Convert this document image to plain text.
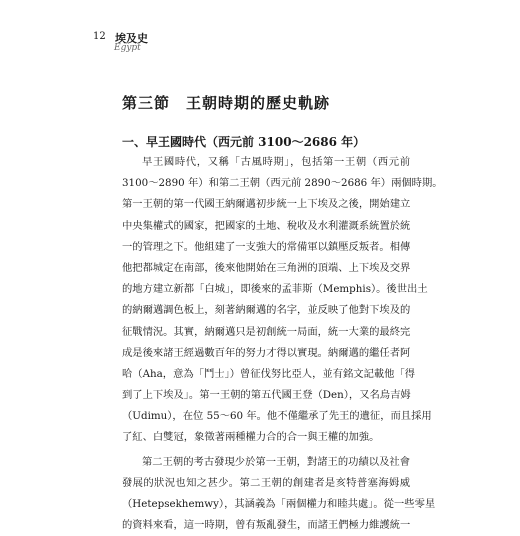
12 埃及史
Egypt
第三節　王朝時期的歷史軌跡
一、早王國時代（西元前 3100～2686 年）
早王國時代，又稱「古風時期」，包括第一王朝（西元前
3100～2890 年）和第二王朝（西元前 2890～2686 年）兩個時期。
第一王朝的第一代國王納爾邁初步統一上下埃及之後，開始建立
中央集權式的國家，把國家的土地、稅收及水利灌溉系統置於統
一的管理之下。他組建了一支強大的常備軍以鎮壓反叛者。相傳
他把都城定在南部，後來他開始在三角洲的頂端、上下埃及交界
的地方建立新都「白城」，即後來的孟菲斯（Memphis）。後世出土
的納爾邁調色板上，刻著納爾邁的名字，並反映了他對下埃及的
征戰情況。其實，納爾邁只是初創統一局面，統一大業的最終完
成是後來諸王經過數百年的努力才得以實現。納爾邁的繼任者阿
哈（Aha，意為「鬥士」）曾征伐努比亞人，並有銘文記載他「得
到了上下埃及」。第一王朝的第五代國王登（Den），又名烏吉姆
（Udimu），在位 55～60 年。他不僅繼承了先王的遺征，而且採用
了紅、白雙冠，象徵著兩種權力合的合一與王權的加強。
第二王朝的考古發現少於第一王朝，對諸王的功績以及社會
發展的狀況也知之甚少。第二王朝的創建者是亥特普塞海姆威
（Hetepsekhemwy），其涵義為「兩個權力和睦共處」。從一些零星
的資料來看，這一時期，曾有叛亂發生，而諸王們極力維護統一
